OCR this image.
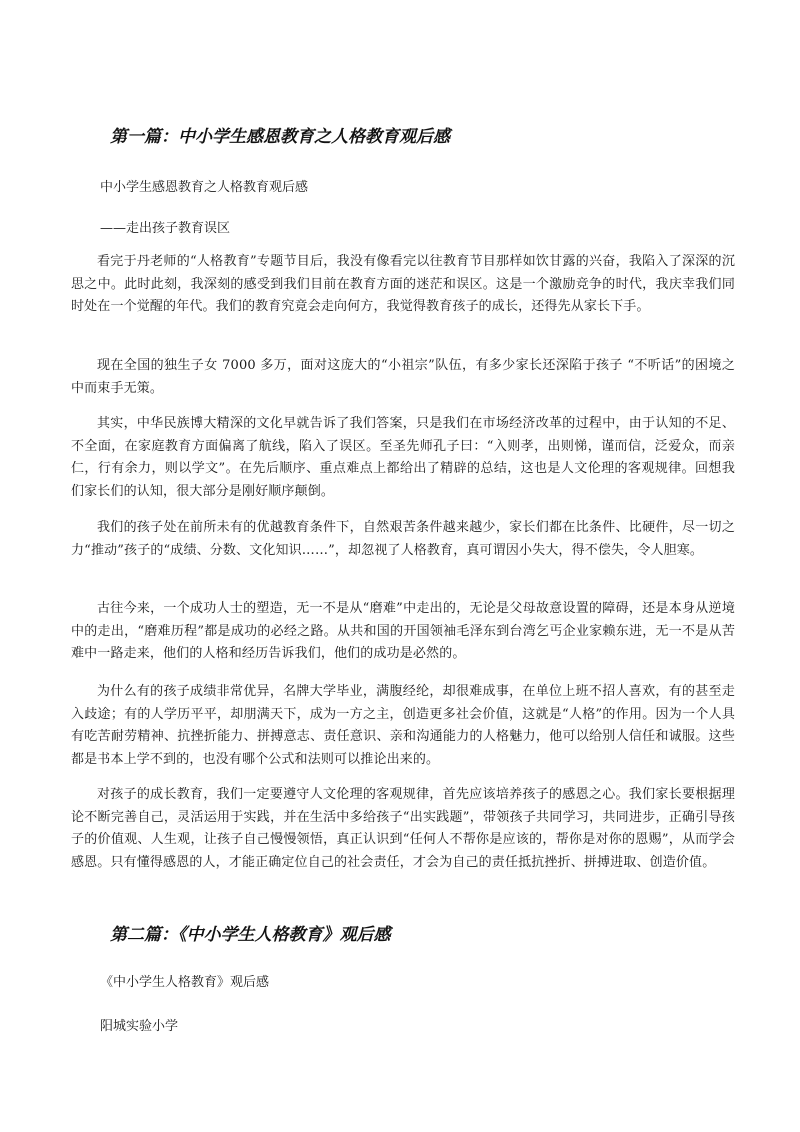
第一篇：中小学生感恩教育之人格教育观后感
中小学生感恩教育之人格教育观后感
——走出孩子教育误区

看完于丹老师的“人格教育”专题节目后，我没有像看完以往教育节目那样如饮甘露的兴奋，我陷入了深深的沉思之中。此时此刻，我深刻的感受到我们目前在教育方面的迷茫和误区。这是一个激励竞争的时代，我庆幸我们同时处在一个觉醒的年代。我们的教育究竟会走向何方，我觉得教育孩子的成长，还得先从家长下手。

现在全国的独生子女 7000 多万，面对这庞大的“小祖宗”队伍，有多少家长还深陷于孩子 “不听话”的困境之中而束手无策。

其实，中华民族博大精深的文化早就告诉了我们答案，只是我们在市场经济改革的过程中，由于认知的不足、不全面，在家庭教育方面偏离了航线，陷入了误区。至圣先师孔子曰：“入则孝，出则悌，谨而信，泛爱众，而亲仁，行有余力，则以学文”。在先后顺序、重点难点上都给出了精辟的总结，这也是人文伦理的客观规律。回想我们家长们的认知，很大部分是刚好顺序颠倒。

我们的孩子处在前所未有的优越教育条件下，自然艰苦条件越来越少，家长们都在比条件、比硬件，尽一切之力“推动”孩子的“成绩、分数、文化知识……”，却忽视了人格教育，真可谓因小失大，得不偿失，令人胆寒。

古往今来，一个成功人士的塑造，无一不是从“磨难”中走出的，无论是父母故意设置的障碍，还是本身从逆境中的走出，“磨难历程”都是成功的必经之路。从共和国的开国领袖毛泽东到台湾乞丐企业家赖东进，无一不是从苦难中一路走来，他们的人格和经历告诉我们，他们的成功是必然的。

为什么有的孩子成绩非常优异，名牌大学毕业，满腹经纶，却很难成事，在单位上班不招人喜欢，有的甚至走入歧途；有的人学历平平，却朋满天下，成为一方之主，创造更多社会价值，这就是“人格”的作用。因为一个人具有吃苦耐劳精神、抗挫折能力、拼搏意志、责任意识、亲和沟通能力的人格魅力，他可以给别人信任和诚服。这些都是书本上学不到的，也没有哪个公式和法则可以推论出来的。

对孩子的成长教育，我们一定要遵守人文伦理的客观规律，首先应该培养孩子的感恩之心。我们家长要根据理论不断完善自己，灵活运用于实践，并在生活中多给孩子“出实践题”，带领孩子共同学习，共同进步，正确引导孩子的价值观、人生观，让孩子自己慢慢领悟，真正认识到“任何人不帮你是应该的，帮你是对你的恩赐”，从而学会感恩。只有懂得感恩的人，才能正确定位自己的社会责任，才会为自己的责任抵抗挫折、拼搏进取、创造价值。

第二篇：《中小学生人格教育》观后感
《中小学生人格教育》观后感
阳城实验小学
